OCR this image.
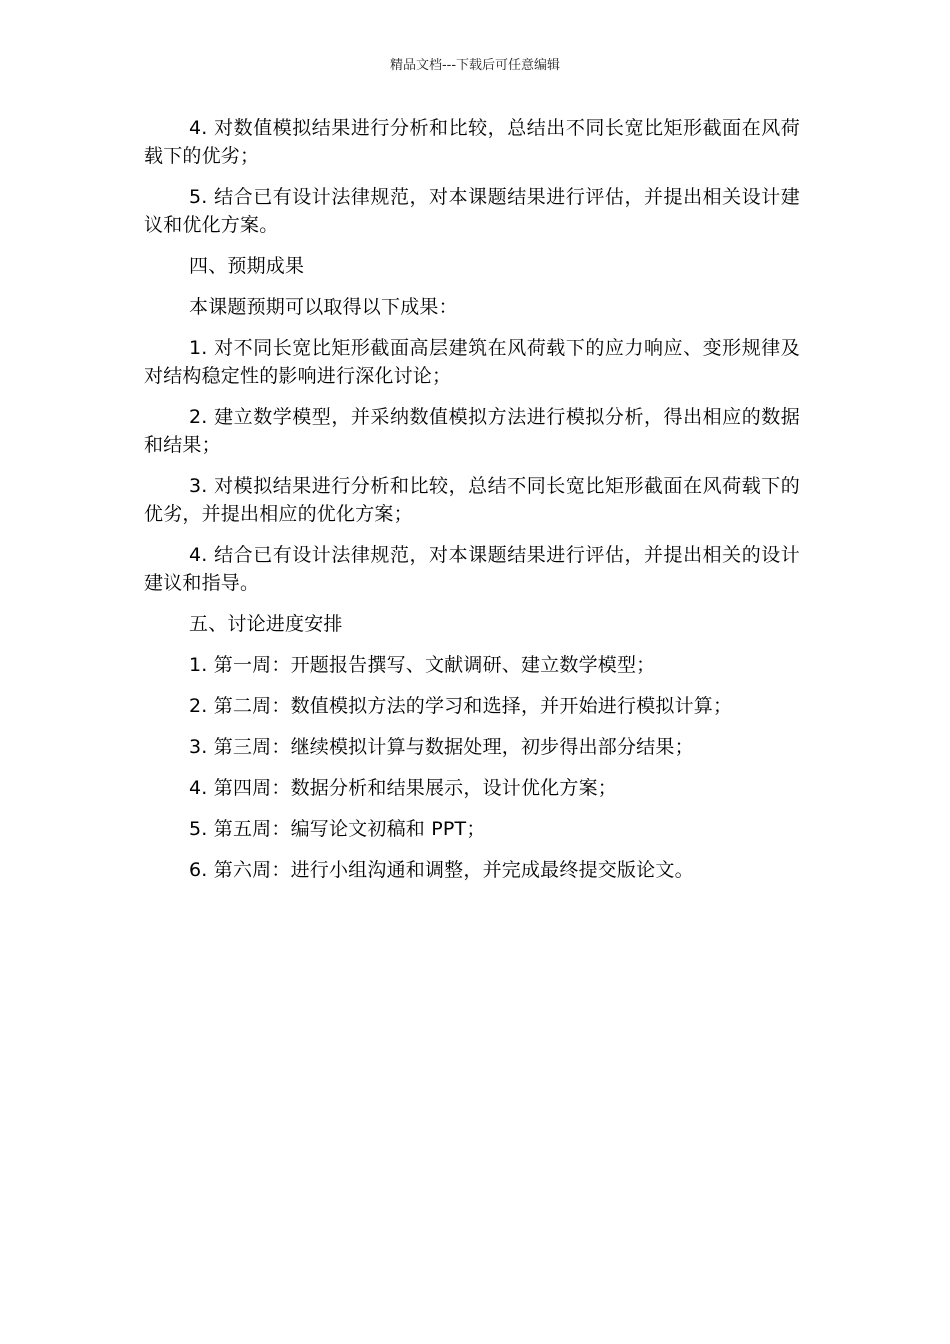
精品文档---下载后可任意编辑

4. 对数值模拟结果进行分析和比较，总结出不同长宽比矩形截面在风荷载下的优劣；

5. 结合已有设计法律规范，对本课题结果进行评估，并提出相关设计建议和优化方案。

四、预期成果

本课题预期可以取得以下成果：

1. 对不同长宽比矩形截面高层建筑在风荷载下的应力响应、变形规律及对结构稳定性的影响进行深化讨论；

2. 建立数学模型，并采纳数值模拟方法进行模拟分析，得出相应的数据和结果；

3. 对模拟结果进行分析和比较，总结不同长宽比矩形截面在风荷载下的优劣，并提出相应的优化方案；

4. 结合已有设计法律规范，对本课题结果进行评估，并提出相关的设计建议和指导。

五、讨论进度安排

1. 第一周：开题报告撰写、文献调研、建立数学模型；

2. 第二周：数值模拟方法的学习和选择，并开始进行模拟计算；

3. 第三周：继续模拟计算与数据处理，初步得出部分结果；

4. 第四周：数据分析和结果展示，设计优化方案；

5. 第五周：编写论文初稿和 PPT；

6. 第六周：进行小组沟通和调整，并完成最终提交版论文。
